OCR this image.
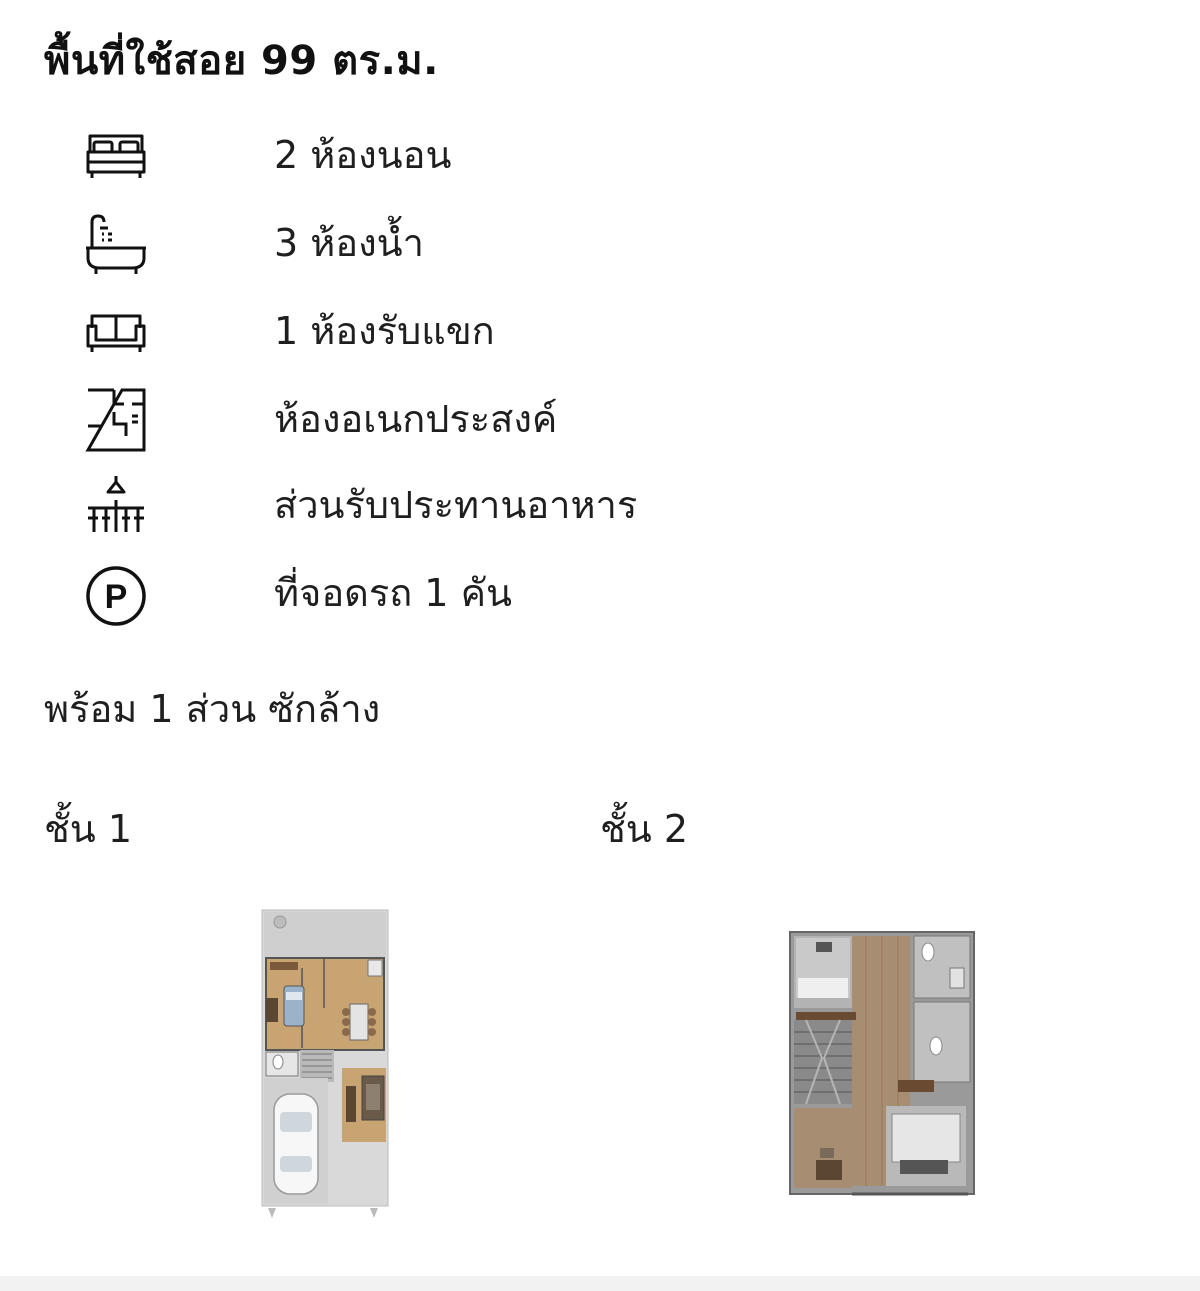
พื้นที่ใช้สอย 99 ตร.ม.
2 ห้องนอน
3 ห้องน้ำ
1 ห้องรับแขก
ห้องอเนกประสงค์
ส่วนรับประทานอาหาร
P	ที่จอดรถ 1 คัน
พร้อม 1 ส่วน ซักล้าง
ชั้น 1	ชั้น 2
